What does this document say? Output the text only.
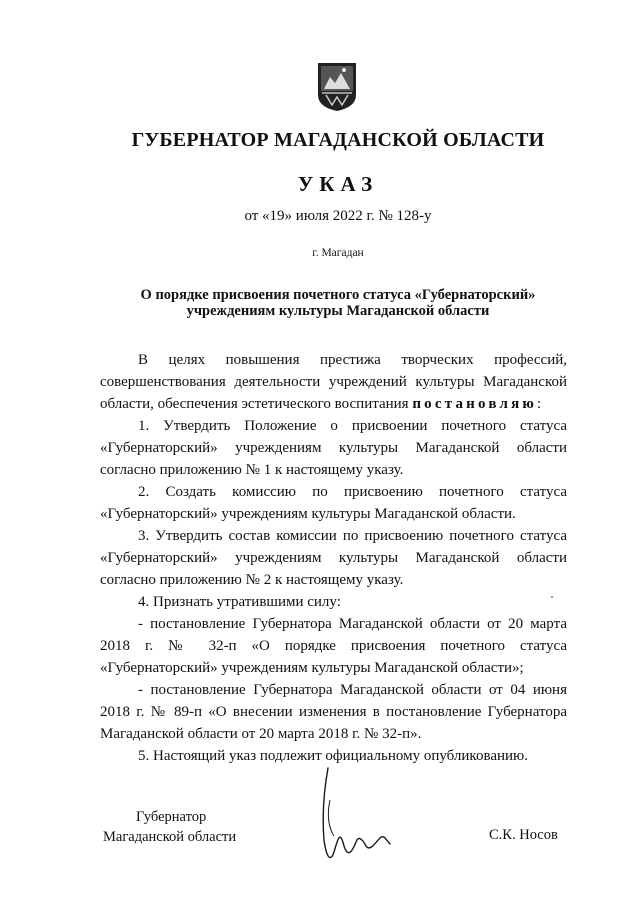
ГУБЕРНАТОР МАГАДАНСКОЙ ОБЛАСТИ
УКАЗ
от «19» июля 2022 г. № 128-у
г. Магадан
О порядке присвоения почетного статуса «Губернаторский»
учреждениям культуры Магаданской области

В целях повышения престижа творческих профессий, совершенствования деятельности учреждений культуры Магаданской области, обеспечения эстетического воспитания постановляю:

1. Утвердить Положение о присвоении почетного статуса «Губернаторский» учреждениям культуры Магаданской области согласно приложению № 1 к настоящему указу.

2. Создать комиссию по присвоению почетного статуса «Губернаторский» учреждениям культуры Магаданской области.

3. Утвердить состав комиссии по присвоению почетного статуса «Губернаторский» учреждениям культуры Магаданской области согласно приложению № 2 к настоящему указу.

4. Признать утратившими силу:

- постановление Губернатора Магаданской области от 20 марта 2018 г. № 32-п «О порядке присвоения почетного статуса «Губернаторский» учреждениям культуры Магаданской области»;

- постановление Губернатора Магаданской области от 04 июня 2018 г. № 89-п «О внесении изменения в постановление Губернатора Магаданской области от 20 марта 2018 г. № 32-п».

5. Настоящий указ подлежит официальному опубликованию.

Губернатор
Магаданской области	С.К. Носов
